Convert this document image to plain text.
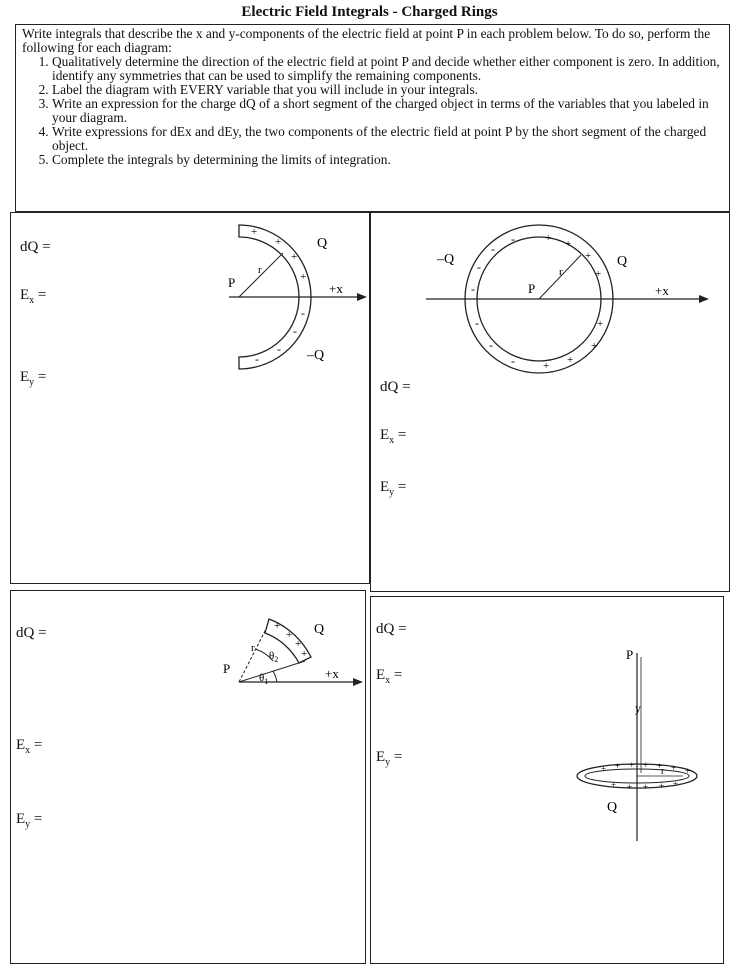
Electric Field Integrals - Charged Rings

Write integrals that describe the x and y-components of the electric field at point P in each problem below. To do so, perform the following for each diagram:

1. Qualitatively determine the direction of the electric field at point P and decide whether either component is zero. In addition, identify any symmetries that can be used to simplify the remaining components.
2. Label the diagram with EVERY variable that you will include in your integrals.
3. Write an expression for the charge dQ of a short segment of the charged object in terms of the variables that you labeled in your diagram.
4. Write expressions for dEx and dEy, the two components of the electric field at point P by the short segment of the charged object.
5. Complete the integrals by determining the limits of integration.
dQ =
$E_x$ =
$E_y$ =
P
r
Q
–Q
+x
+
+
+
+
-
-
-
-
dQ =
$E_x$ =
$E_y$ =
P
r
–Q	Q
+x
+ +
+
+
+
+
+
+
-
-
-
-
-
-
-
dQ =
$E_x$ =
$E_y$ =
P
r
$\theta_1$
$\theta_2$
Q
+x
+
+
+
+
dQ =
$E_x$ =
$E_y$ =
P
y
r
Q
+ + + + + + +
+ + + + +
